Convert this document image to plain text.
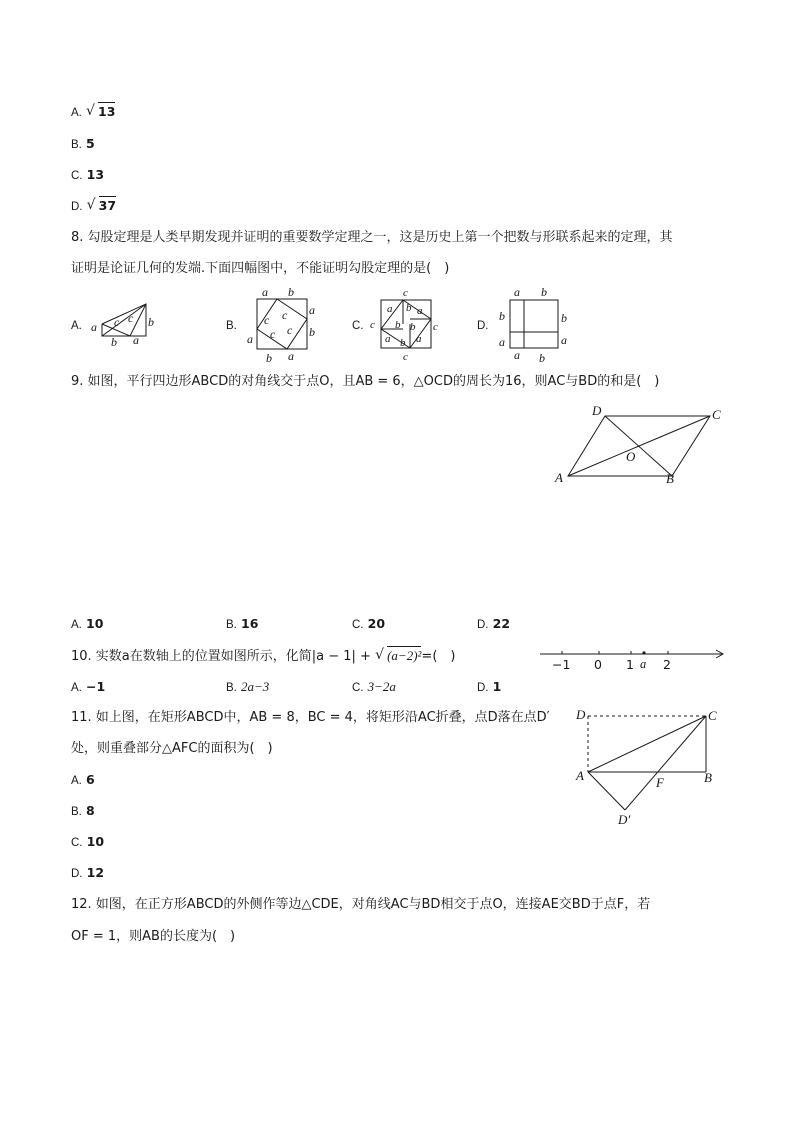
A. √ 13
B. 5
C. 13
D. √ 37
8. 勾股定理是人类早期发现并证明的重要数学定理之一，这是历史上第一个把数与形联系起来的定理，其
证明是论证几何的发端.下面四幅图中，不能证明勾股定理的是(　)
A.	B.	C.	D.
a c c b
b a
a b
a
b
a
b
a
c c
c
c
c
c	c
c
a b a
b b
a b a
a b
b
a
a b
b
a
9. 如图，平行四边形ABCD的对角线交于点O，且AB = 6，△OCD的周长为16，则AC与BD的和是(　)
A	B
C
D
O
A. 10	B. 16	C. 20	D. 22
10. 实数a在数轴上的位置如图所示，化简|a − 1| + √ (a−2)²=(　)
−1 0 1 a 2
A. −1	B. 2a−3	C. 3−2a	D. 1
11. 如上图，在矩形ABCD中，AB = 8，BC = 4，将矩形沿AC折叠，点D落在点D′
处，则重叠部分△AFC的面积为(　)
D	C
A	B
F
D′
A. 6
B. 8
C. 10
D. 12
12. 如图，在正方形ABCD的外侧作等边△CDE，对角线AC与BD相交于点O，连接AE交BD于点F，若
OF = 1，则AB的长度为(　)
